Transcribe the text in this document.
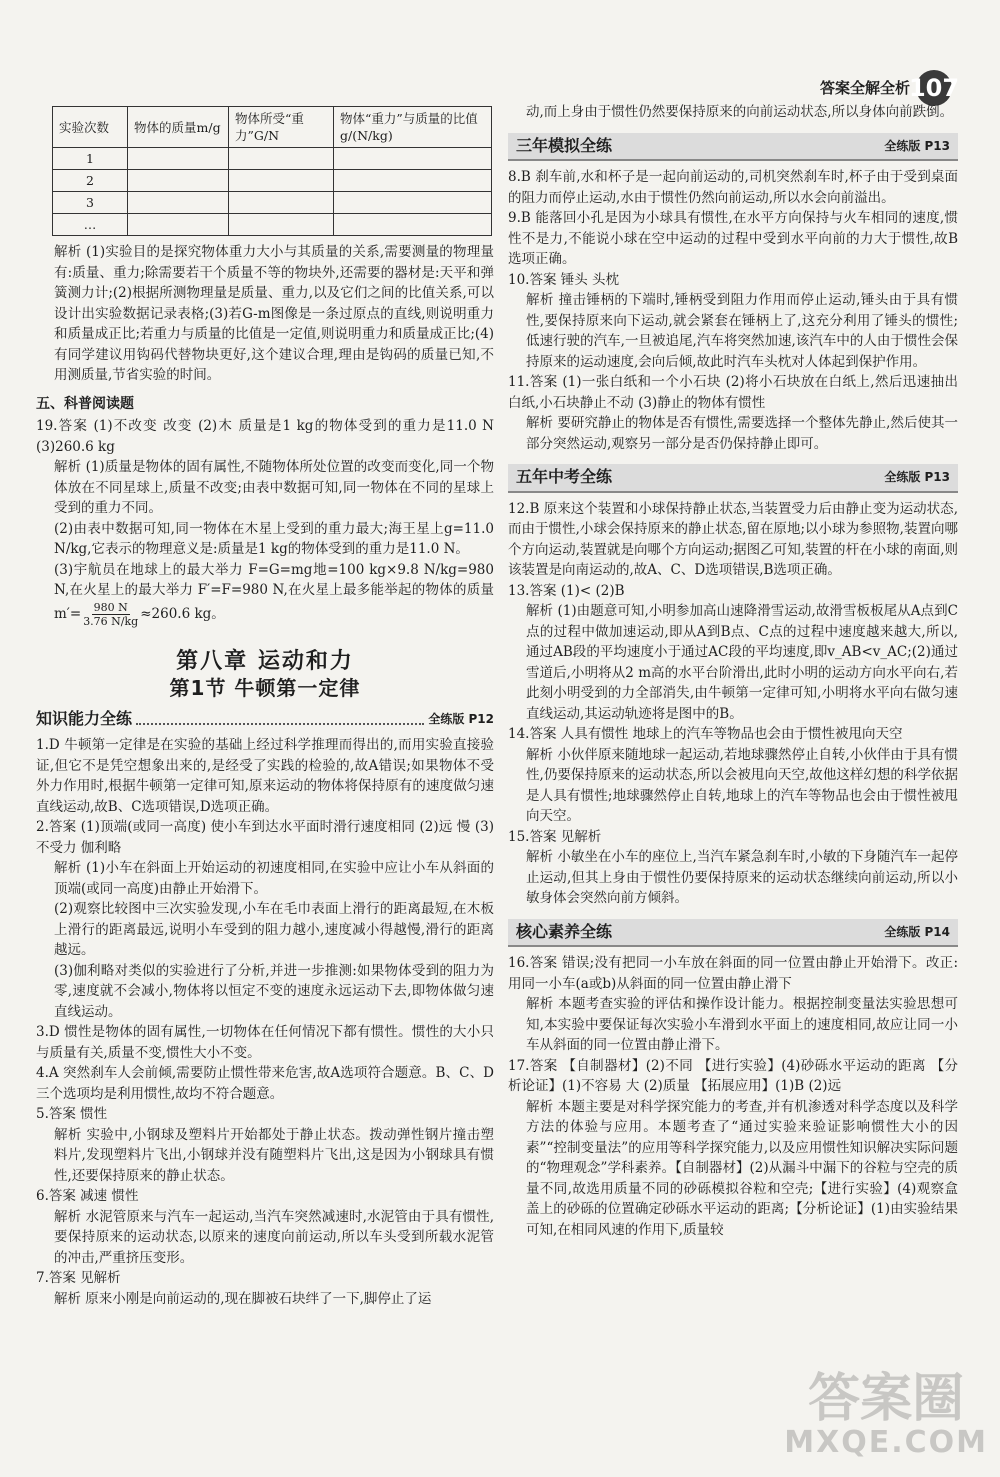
答案全解全析
107
实验次数	物体的质量m/g	物体所受“重力”G/N	物体“重力”与质量的比值g/(N/kg)
1			
2			
3			
…			

解析 (1)实验目的是探究物体重力大小与其质量的关系,需要测量的物理量有:质量、重力;除需要若干个质量不等的物块外,还需要的器材是:天平和弹簧测力计;(2)根据所测物理量是质量、重力,以及它们之间的比值关系,可以设计出实验数据记录表格;(3)若G-m图像是一条过原点的直线,则说明重力和质量成正比;若重力与质量的比值是一定值,则说明重力和质量成正比;(4)有同学建议用钩码代替物块更好,这个建议合理,理由是钩码的质量已知,不用测质量,节省实验的时间。

五、科普阅读题

19.答案 (1)不改变 改变 (2)木 质量是1 kg的物体受到的重力是11.0 N (3)260.6 kg

解析 (1)质量是物体的固有属性,不随物体所处位置的改变而变化,同一个物体放在不同星球上,质量不改变;由表中数据可知,同一物体在不同的星球上受到的重力不同。

(2)由表中数据可知,同一物体在木星上受到的重力最大;海王星上g=11.0 N/kg,它表示的物理意义是:质量是1 kg的物体受到的重力是11.0 N。

(3)宇航员在地球上的最大举力 F=G=mg地=100 kg×9.8 N/kg=980 N,在火星上的最大举力 F′=F=980 N,在火星上最多能举起的物体的质量 $m'= \frac{980 N}{3.76 N/kg} \approx 260.6$ kg。

第八章 运动和力
第1节 牛顿第一定律
知识能力全练	全练版 P12

1.D 牛顿第一定律是在实验的基础上经过科学推理而得出的,而用实验直接验证,但它不是凭空想象出来的,是经受了实践的检验的,故A错误;如果物体不受外力作用时,根据牛顿第一定律可知,原来运动的物体将保持原有的速度做匀速直线运动,故B、C选项错误,D选项正确。

2.答案 (1)顶端(或同一高度) 使小车到达水平面时滑行速度相同 (2)远 慢 (3)不受力 伽利略

解析 (1)小车在斜面上开始运动的初速度相同,在实验中应让小车从斜面的顶端(或同一高度)由静止开始滑下。

(2)观察比较图中三次实验发现,小车在毛巾表面上滑行的距离最短,在木板上滑行的距离最远,说明小车受到的阻力越小,速度减小得越慢,滑行的距离越远。

(3)伽利略对类似的实验进行了分析,并进一步推测:如果物体受到的阻力为零,速度就不会减小,物体将以恒定不变的速度永远运动下去,即物体做匀速直线运动。

3.D 惯性是物体的固有属性,一切物体在任何情况下都有惯性。惯性的大小只与质量有关,质量不变,惯性大小不变。

4.A 突然刹车人会前倾,需要防止惯性带来危害,故A选项符合题意。B、C、D三个选项均是利用惯性,故均不符合题意。

5.答案 惯性

解析 实验中,小钢球及塑料片开始都处于静止状态。拨动弹性钢片撞击塑料片,发现塑料片飞出,小钢球并没有随塑料片飞出,这是因为小钢球具有惯性,还要保持原来的静止状态。

6.答案 减速 惯性

解析 水泥管原来与汽车一起运动,当汽车突然减速时,水泥管由于具有惯性,要保持原来的运动状态,以原来的速度向前运动,所以车头受到所载水泥管的冲击,严重挤压变形。

7.答案 见解析

解析 原来小刚是向前运动的,现在脚被石块绊了一下,脚停止了运

动,而上身由于惯性仍然要保持原来的向前运动状态,所以身体向前跌倒。

三年模拟全练	全练版 P13

8.B 刹车前,水和杯子是一起向前运动的,司机突然刹车时,杯子由于受到桌面的阻力而停止运动,水由于惯性仍然向前运动,所以水会向前溢出。

9.B 能落回小孔是因为小球具有惯性,在水平方向保持与火车相同的速度,惯性不是力,不能说小球在空中运动的过程中受到水平向前的力大于惯性,故B选项正确。

10.答案 锤头 头枕

解析 撞击锤柄的下端时,锤柄受到阻力作用而停止运动,锤头由于具有惯性,要保持原来向下运动,就会紧套在锤柄上了,这充分利用了锤头的惯性;低速行驶的汽车,一旦被追尾,汽车将突然加速,该汽车中的人由于惯性会保持原来的运动速度,会向后倾,故此时汽车头枕对人体起到保护作用。

11.答案 (1)一张白纸和一个小石块 (2)将小石块放在白纸上,然后迅速抽出白纸,小石块静止不动 (3)静止的物体有惯性

解析 要研究静止的物体是否有惯性,需要选择一个整体先静止,然后使其一部分突然运动,观察另一部分是否仍保持静止即可。

五年中考全练	全练版 P13

12.B 原来这个装置和小球保持静止状态,当装置受力后由静止变为运动状态,而由于惯性,小球会保持原来的静止状态,留在原地;以小球为参照物,装置向哪个方向运动,装置就是向哪个方向运动;据图乙可知,装置的杆在小球的南面,则该装置是向南运动的,故A、C、D选项错误,B选项正确。

13.答案 (1)< (2)B

解析 (1)由题意可知,小明参加高山速降滑雪运动,故滑雪板板尾从A点到C点的过程中做加速运动,即从A到B点、C点的过程中速度越来越大,所以,通过AB段的平均速度小于通过AC段的平均速度,即v_AB<v_AC;(2)通过雪道后,小明将从2 m高的水平台阶滑出,此时小明的运动方向水平向右,若此刻小明受到的力全部消失,由牛顿第一定律可知,小明将水平向右做匀速直线运动,其运动轨迹将是图中的B。

14.答案 人具有惯性 地球上的汽车等物品也会由于惯性被甩向天空

解析 小伙伴原来随地球一起运动,若地球骤然停止自转,小伙伴由于具有惯性,仍要保持原来的运动状态,所以会被甩向天空,故他这样幻想的科学依据是人具有惯性;地球骤然停止自转,地球上的汽车等物品也会由于惯性被甩向天空。

15.答案 见解析

解析 小敏坐在小车的座位上,当汽车紧急刹车时,小敏的下身随汽车一起停止运动,但其上身由于惯性仍要保持原来的运动状态继续向前运动,所以小敏身体会突然向前方倾斜。

核心素养全练	全练版 P14

16.答案 错误;没有把同一小车放在斜面的同一位置由静止开始滑下。改正:用同一小车(a或b)从斜面的同一位置由静止滑下

解析 本题考查实验的评估和操作设计能力。根据控制变量法实验思想可知,本实验中要保证每次实验小车滑到水平面上的速度相同,故应让同一小车从斜面的同一位置由静止滑下。

17.答案 【自制器材】(2)不同 【进行实验】(4)砂砾水平运动的距离 【分析论证】(1)不容易 大 (2)质量 【拓展应用】(1)B (2)远

解析 本题主要是对科学探究能力的考查,并有机渗透对科学态度以及科学方法的体验与应用。本题考查了“通过实验来验证影响惯性大小的因素”“控制变量法”的应用等科学探究能力,以及应用惯性知识解决实际问题的“物理观念”学科素养。【自制器材】(2)从漏斗中漏下的谷粒与空壳的质量不同,故选用质量不同的砂砾模拟谷粒和空壳;【进行实验】(4)观察盒盖上的砂砾的位置确定砂砾水平运动的距离;【分析论证】(1)由实验结果可知,在相同风速的作用下,质量较

答案圈
MXQE.COM
